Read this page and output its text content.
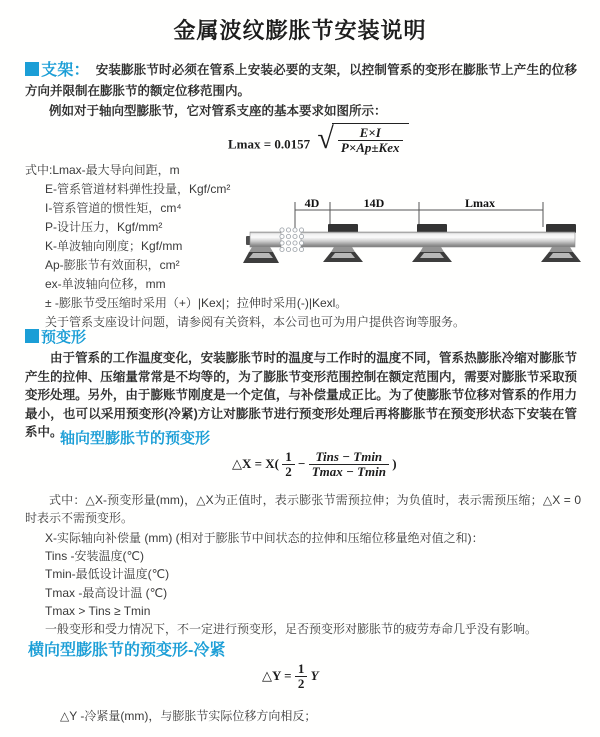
金属波纹膨胀节安装说明
支架： 安装膨胀节时必须在管系上安装必要的支架，以控制管系的变形在膨胀节上产生的位移方向并限制在膨胀节的额定位移范围内。
例如对于轴向型膨胀节，它对管系支座的基本要求如图所示：
Lmax = 0.0157 √ $\frac{E\times I}{\text{P×Ap±Kex}}$
式中:Lmax-最大导向间距，m
E-管系管道材料弹性投量，Kgf/cm²
I-管系管道的惯性矩，cm⁴
P-设计压力，Kgf/mm²
K-单波轴向刚度；Kgf/mm
Ap-膨胀节有效面积，cm²
ex-单波轴向位移，mm
± -膨胀节受压缩时采用（+）|Kex|；拉伸时采用(-)|Kexl。
关于管系支座设计问题，请参阅有关资料，本公司也可为用户提供咨询等服务。
4D	14D	Lmax
预变形
由于管系的工作温度变化，安装膨胀节时的温度与工作时的温度不同，管系热膨胀冷缩对膨胀节产生的拉伸、压缩量常常是不均等的，为了膨胀节变形范围控制在额定范围内，需要对膨胀节采取预变形处理。另外，由于膨账节刚度是一个定值，与补偿量成正比。为了使膨胀节位移对管系的作用力最小，也可以采用预变形(冷紧)方让对膨胀节进行预变形处理后再将膨胀节在预变形状态下安装在管系中。
轴向型膨胀节的预变形
△X = $X( \frac{1}{2} - \frac{\text{Tins − Tmin}}{Tmax - Tmin}$ )
式中：△X-预变形量(mm)，△X为正值时，表示膨张节需预拉伸；为负值时，表示需预压缩；△X = 0时表示不需预变形。
X-实际轴向补偿量 (mm) (相对于膨胀节中间状态的拉伸和压缩位移量绝对值之和)：
Tins -安装温度(℃)
Tmin-最低设计温度(℃)
Tmax -最高设计温 (℃)
Tmax > Tins ≥ Tmin
一般变形和受力情况下，不一定进行预变形，足否预变形对膨胀节的疲劳寿命几乎没有影响。
横向型膨胀节的预变形-冷紧
△Y = $\frac{1}{2}$ Y
△Y -冷紧量(mm)，与膨胀节实际位移方向相反；
